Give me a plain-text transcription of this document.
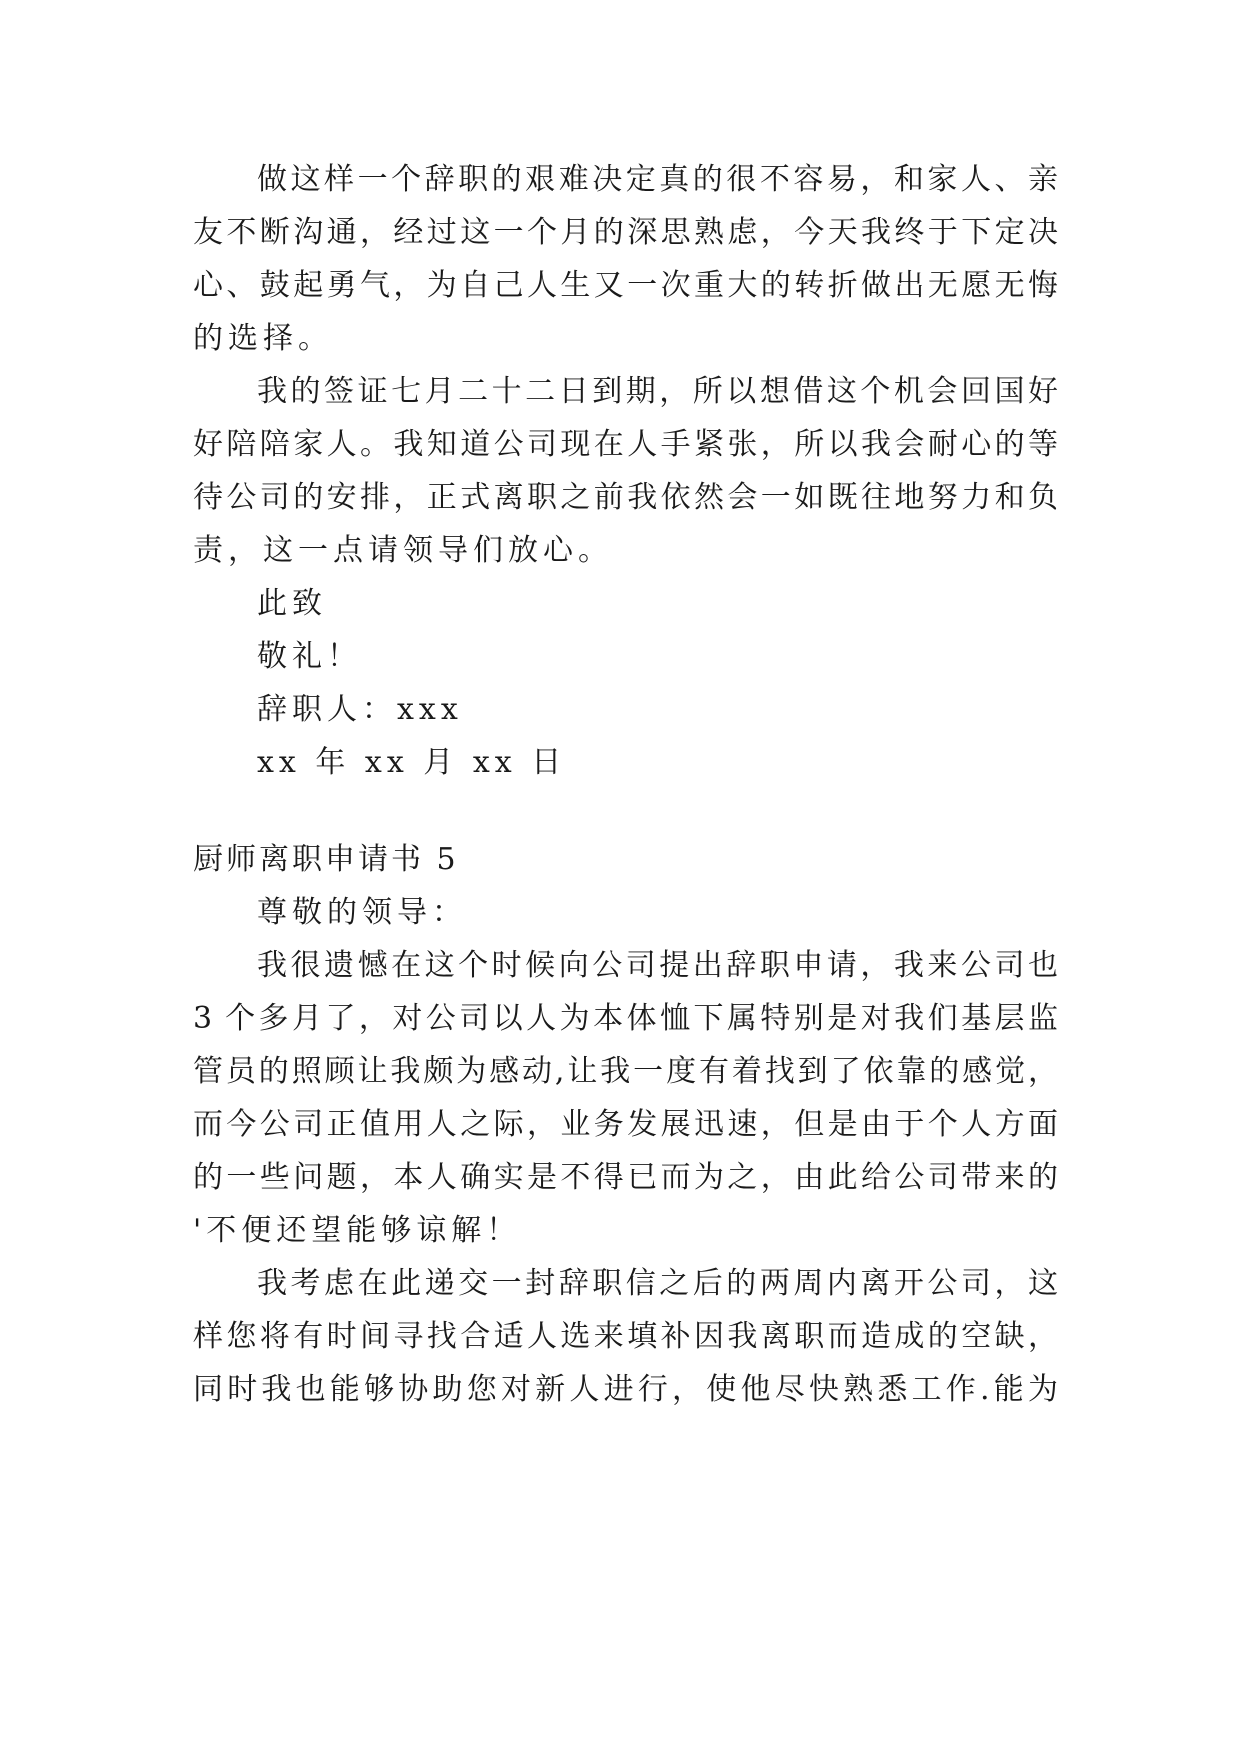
做这样一个辞职的艰难决定真的很不容易，和家人、亲
友不断沟通，经过这一个月的深思熟虑，今天我终于下定决
心、鼓起勇气，为自己人生又一次重大的转折做出无愿无悔
的选择。
我的签证七月二十二日到期，所以想借这个机会回国好
好陪陪家人。我知道公司现在人手紧张，所以我会耐心的等
待公司的安排，正式离职之前我依然会一如既往地努力和负
责，这一点请领导们放心。
此致
敬礼！
辞职人：xxx
xx 年 xx 月 xx 日
厨师离职申请书 5
尊敬的领导：
我很遗憾在这个时候向公司提出辞职申请，我来公司也
3 个多月了，对公司以人为本体恤下属特别是对我们基层监
管员的照顾让我颇为感动,让我一度有着找到了依靠的感觉，
而今公司正值用人之际，业务发展迅速，但是由于个人方面
的一些问题，本人确实是不得已而为之，由此给公司带来的
'不便还望能够谅解！
我考虑在此递交一封辞职信之后的两周内离开公司，这
样您将有时间寻找合适人选来填补因我离职而造成的空缺，
同时我也能够协助您对新人进行，使他尽快熟悉工作.能为
